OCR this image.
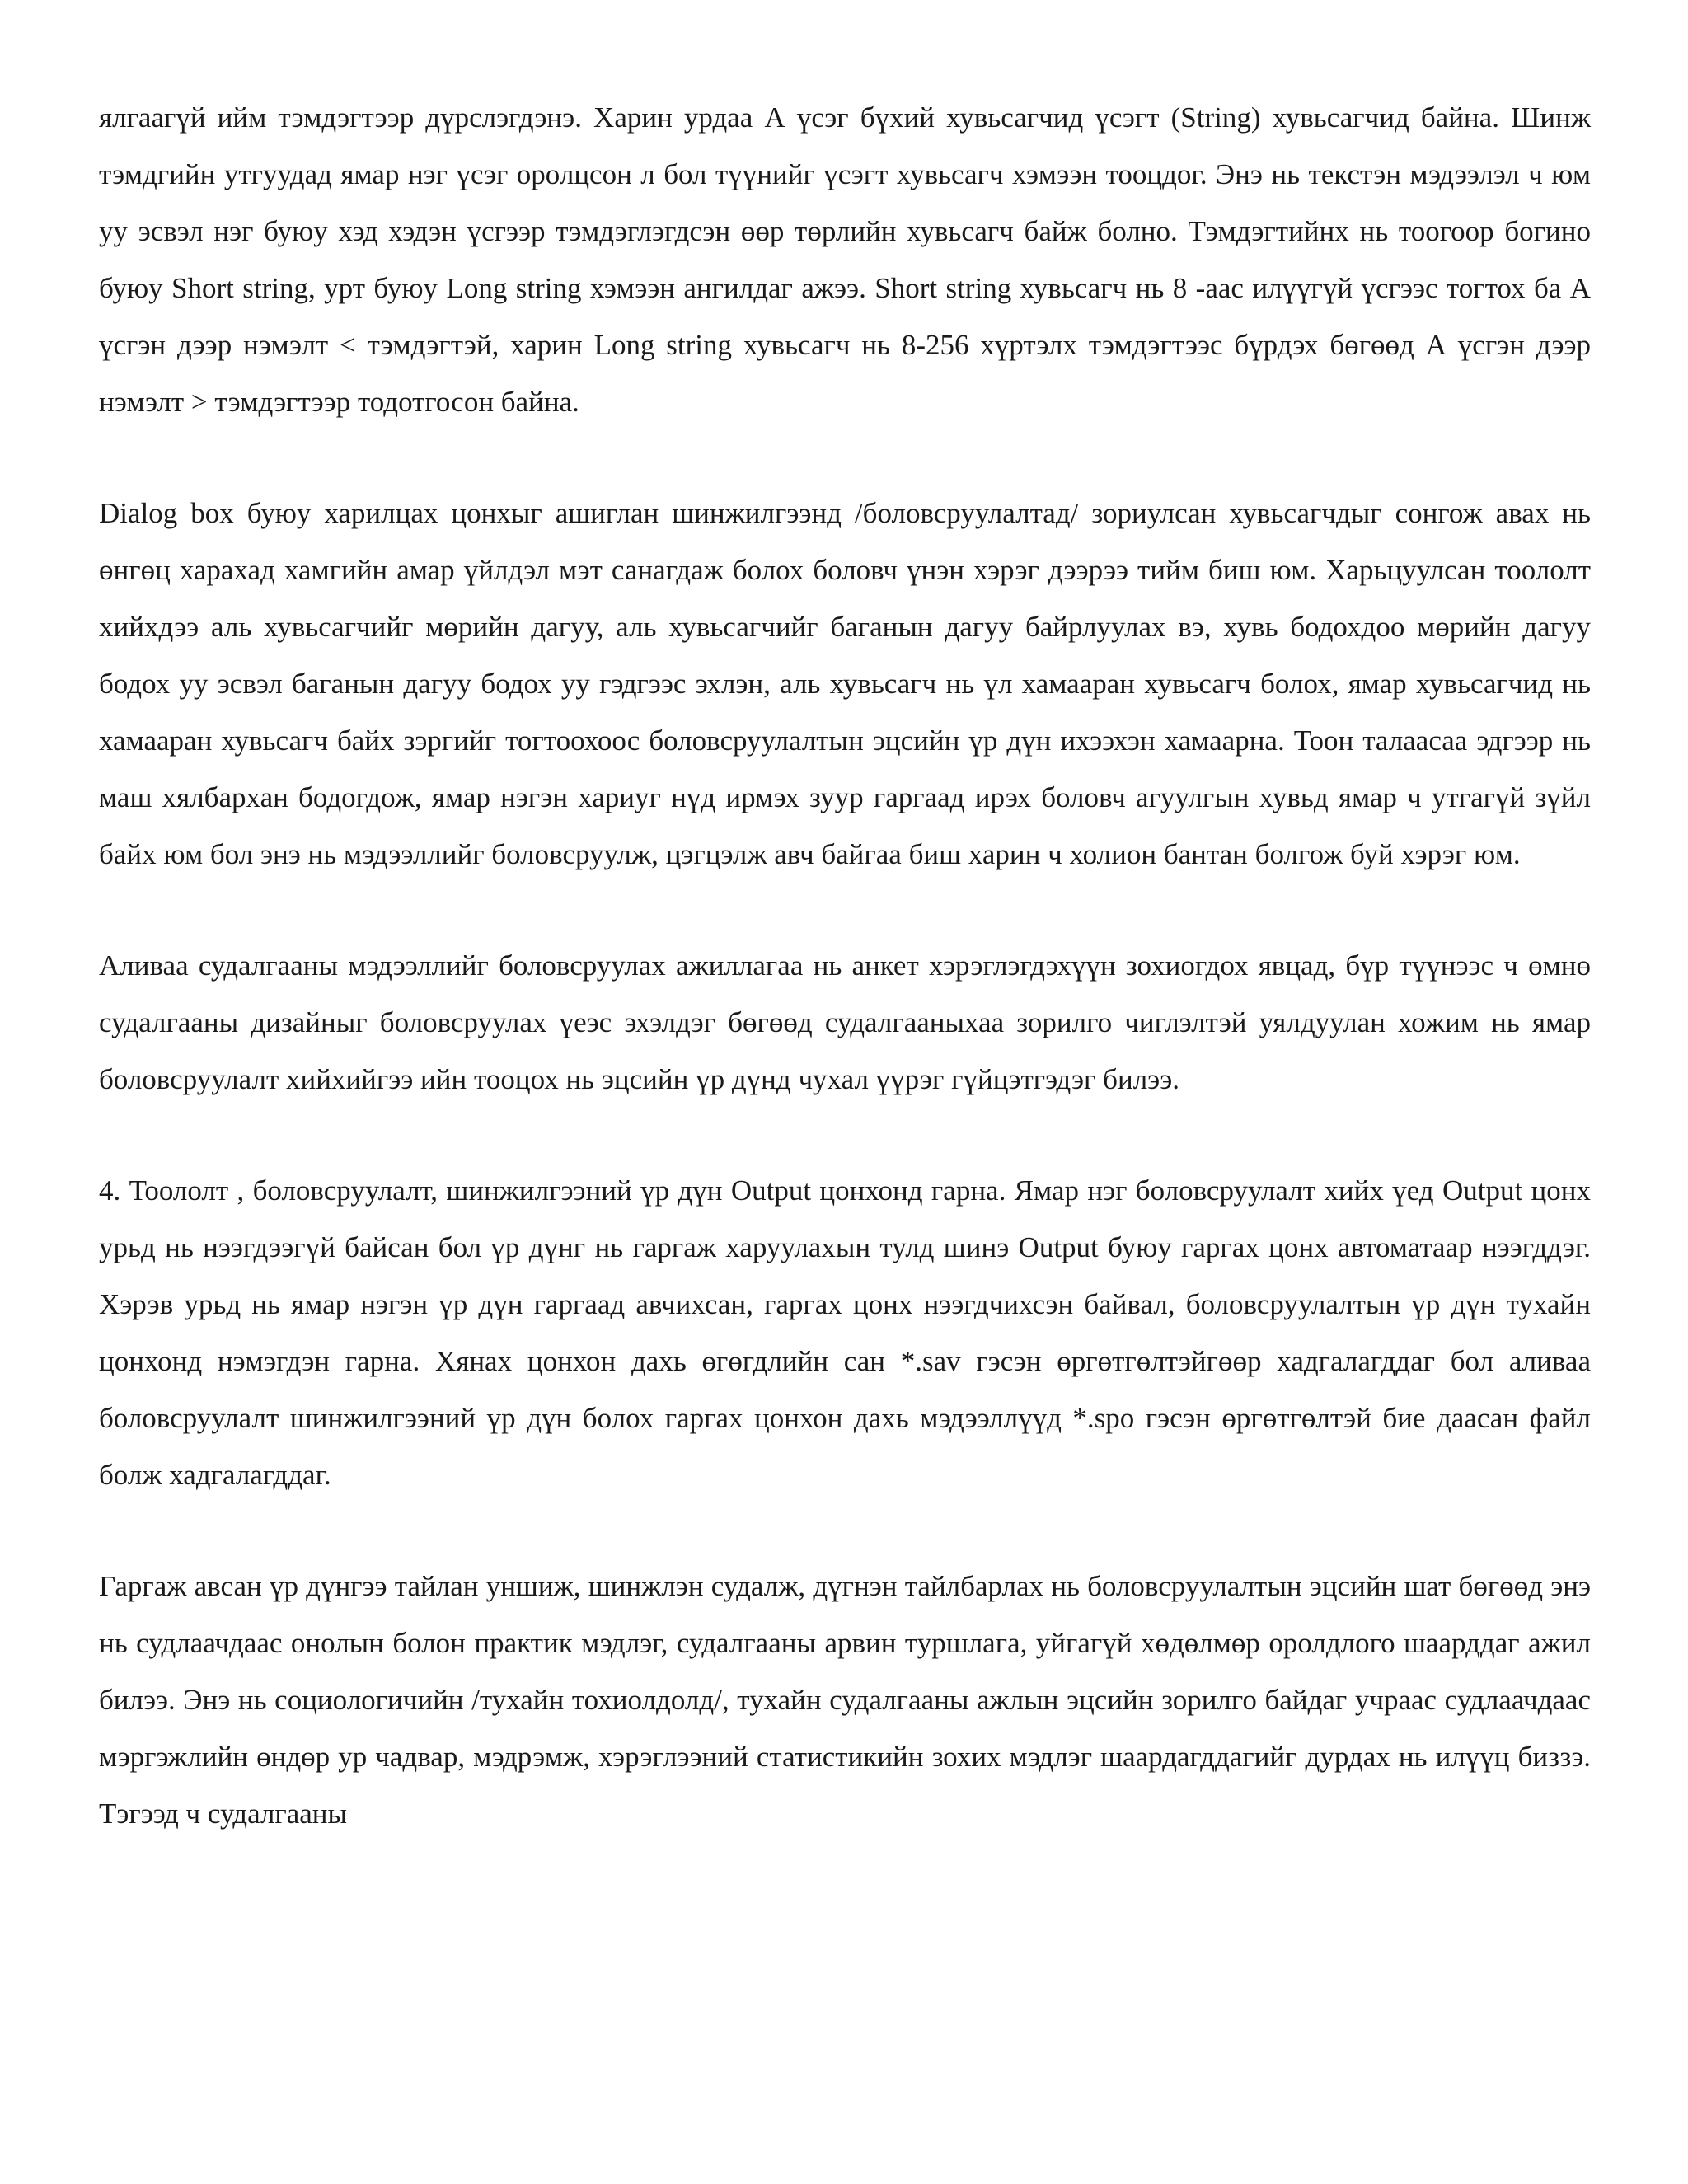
ялгаагүй ийм тэмдэгтээр дүрслэгдэнэ. Харин урдаа А үсэг бүхий хувьсагчид үсэгт (String) хувьсагчид байна. Шинж тэмдгийн утгуудад ямар нэг үсэг оролцсон л бол түүнийг үсэгт хувьсагч хэмээн тооцдог. Энэ нь текстэн мэдээлэл ч юм уу эсвэл нэг буюу хэд хэдэн үсгээр тэмдэглэгдсэн өөр төрлийн хувьсагч байж болно. Тэмдэгтийнх нь тоогоор богино буюу Short string, урт буюу Long string хэмээн ангилдаг ажээ. Short string хувьсагч нь 8 -аас илүүгүй үсгээс тогтох ба А үсгэн дээр нэмэлт < тэмдэгтэй, харин Long string хувьсагч нь 8-256 хүртэлх тэмдэгтээс бүрдэх бөгөөд А үсгэн дээр нэмэлт > тэмдэгтээр тодотгосон байна.

Dialog box буюу харилцах цонхыг ашиглан шинжилгээнд /боловсруулалтад/ зориулсан хувьсагчдыг сонгож авах нь өнгөц харахад хамгийн амар үйлдэл мэт санагдаж болох боловч үнэн хэрэг дээрээ тийм биш юм. Харьцуулсан тоололт хийхдээ аль хувьсагчийг мөрийн дагуу, аль хувьсагчийг баганын дагуу байрлуулах вэ, хувь бодохдоо мөрийн дагуу бодох уу эсвэл баганын дагуу бодох уу гэдгээс эхлэн, аль хувьсагч нь үл хамааран хувьсагч болох, ямар хувьсагчид нь хамааран хувьсагч байх зэргийг тогтоохоос боловсруулалтын эцсийн үр дүн ихээхэн хамаарна. Тоон талаасаа эдгээр нь маш хялбархан бодогдож, ямар нэгэн хариуг нүд ирмэх зуур гаргаад ирэх боловч агуулгын хувьд ямар ч утгагүй зүйл байх юм бол энэ нь мэдээллийг боловсруулж, цэгцэлж авч байгаа биш харин ч холион бантан болгож буй хэрэг юм.

Аливаа судалгааны мэдээллийг боловсруулах ажиллагаа нь анкет хэрэглэгдэхүүн зохиогдох явцад, бүр түүнээс ч өмнө судалгааны дизайныг боловсруулах үеэс эхэлдэг бөгөөд судалгааныхаа зорилго чиглэлтэй уялдуулан хожим нь ямар боловсруулалт хийхийгээ ийн тооцох нь эцсийн үр дүнд чухал үүрэг гүйцэтгэдэг билээ.

4. Тоололт , боловсруулалт, шинжилгээний үр дүн Output цонхонд гарна. Ямар нэг боловсруулалт хийх үед Output цонх урьд нь нээгдээгүй байсан бол үр дүнг нь гаргаж харуулахын тулд шинэ Output буюу гаргах цонх автоматаар нээгддэг. Хэрэв урьд нь ямар нэгэн үр дүн гаргаад авчихсан, гаргах цонх нээгдчихсэн байвал, боловсруулалтын үр дүн тухайн цонхонд нэмэгдэн гарна. Хянах цонхон дахь өгөгдлийн сан *.sav гэсэн өргөтгөлтэйгөөр хадгалагддаг бол аливаа боловсруулалт шинжилгээний үр дүн болох гаргах цонхон дахь мэдээллүүд *.spo гэсэн өргөтгөлтэй бие даасан файл болж хадгалагддаг.

Гаргаж авсан үр дүнгээ тайлан уншиж, шинжлэн судалж, дүгнэн тайлбарлах нь боловсруулалтын эцсийн шат бөгөөд энэ нь судлаачдаас онолын болон практик мэдлэг, судалгааны арвин туршлага, уйгагүй хөдөлмөр оролдлого шаарддаг ажил билээ. Энэ нь социологичийн /тухайн тохиолдолд/, тухайн судалгааны ажлын эцсийн зорилго байдаг учраас судлаачдаас мэргэжлийн өндөр ур чадвар, мэдрэмж, хэрэглээний статистикийн зохих мэдлэг шаардагддагийг дурдах нь илүүц биззэ. Тэгээд ч судалгааны
